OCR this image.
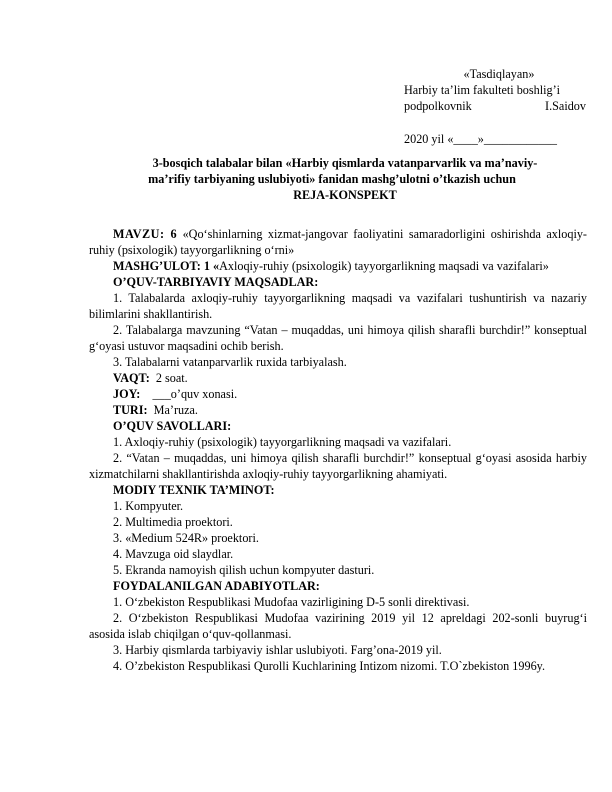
«Tasdiqlayan»
Harbiy ta’lim fakulteti boshlig’i
podpolkovnik	I.Saidov
2020 yil «____»____________
3-bosqich talabalar bilan «Harbiy qismlarda vatanparvarlik va ma’naviy-
ma’rifiy tarbiyaning uslubiyoti» fanidan mashg’ulotni o’tkazish uchun
REJA-KONSPEKT

MAVZU: 6 «Qo‘shinlarning xizmat-jangovar faoliyatini samaradorligini oshirishda axloqiy-ruhiy (psixologik) tayyorgarlikning o‘rni»

MASHG’ULOT: 1 «Axloqiy-ruhiy (psixologik) tayyorgarlikning maqsadi va vazifalari»

O’QUV-TARBIYAVIY MAQSADLAR:

1. Talabalarda axloqiy-ruhiy tayyorgarlikning maqsadi va vazifalari tushuntirish va nazariy bilimlarini shakllantirish.

2. Talabalarga mavzuning “Vatan – muqaddas, uni himoya qilish sharafli burchdir!” konseptual g‘oyasi ustuvor maqsadini ochib berish.

3. Talabalarni vatanparvarlik ruxida tarbiyalash.

VAQT:  2 soat.

JOY:    ___o’quv xonasi.

TURI:  Ma’ruza.

O’QUV SAVOLLARI:

1. Axloqiy-ruhiy (psixologik) tayyorgarlikning maqsadi va vazifalari.

2. “Vatan – muqaddas, uni himoya qilish sharafli burchdir!” konseptual g‘oyasi asosida harbiy xizmatchilarni shakllantirishda axloqiy-ruhiy tayyorgarlikning ahamiyati.

MODIY TEXNIK TA’MINOT:

1. Kompyuter.

2. Multimedia proektori.

3. «Medium 524R» proektori.

4. Mavzuga oid slaydlar.

5. Ekranda namoyish qilish uchun kompyuter dasturi.

FOYDALANILGAN ADABIYOTLAR:

1. O‘zbekiston Respublikasi Mudofaa vazirligining D-5 sonli direktivasi.

2. O‘zbekiston Respublikasi Mudofaa vazirining 2019 yil 12 apreldagi 202-sonli buyrug‘i asosida islab chiqilgan o‘quv-qollanmasi.

3. Harbiy qismlarda tarbiyaviy ishlar uslubiyoti. Farg’ona-2019 yil.

4. O’zbekiston Respublikasi Qurolli Kuchlarining Intizom nizomi. T.O`zbekiston 1996y.
